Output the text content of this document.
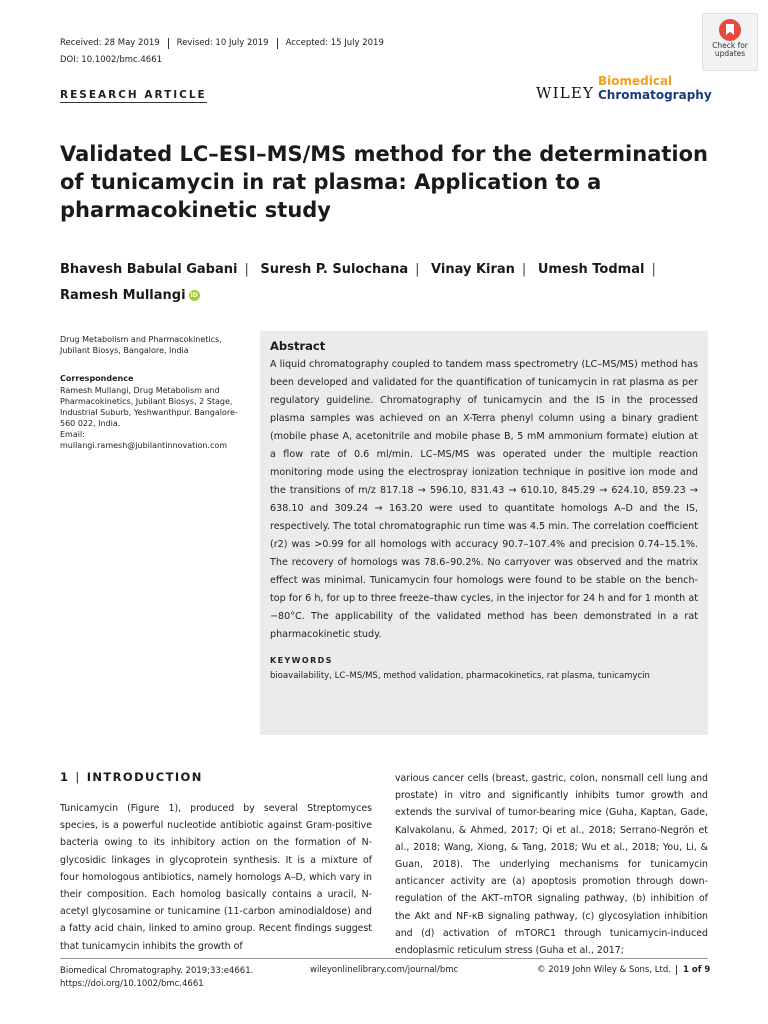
Received: 28 May 2019	Revised: 10 July 2019	Accepted: 15 July 2019
DOI: 10.1002/bmc.4661
Check for updates
RESEARCH ARTICLE	WILEY
Biomedical
Chromatography
Validated LC–ESI–MS/MS method for the determination of tunicamycin in rat plasma: Application to a pharmacokinetic study
Bhavesh Babulal Gabani | Suresh P. Sulochana | Vinay Kiran | Umesh Todmal |
Ramesh Mullangi iD
Drug Metabolism and Pharmacokinetics, Jubilant Biosys, Bangalore, India
Correspondence
Ramesh Mullangi, Drug Metabolism and Pharmacokinetics, Jubilant Biosys, 2 Stage, Industrial Suburb, Yeshwanthpur. Bangalore-560 022, India.
Email: mullangi.ramesh@jubilantinnovation.com
Abstract
A liquid chromatography coupled to tandem mass spectrometry (LC–MS/MS) method has been developed and validated for the quantification of tunicamycin in rat plasma as per regulatory guideline. Chromatography of tunicamycin and the IS in the processed plasma samples was achieved on an X-Terra phenyl column using a binary gradient (mobile phase A, acetonitrile and mobile phase B, 5 mM ammonium formate) elution at a flow rate of 0.6 ml/min. LC–MS/MS was operated under the multiple reaction monitoring mode using the electrospray ionization technique in positive ion mode and the transitions of m/z 817.18 → 596.10, 831.43 → 610.10, 845.29 → 624.10, 859.23 → 638.10 and 309.24 → 163.20 were used to quantitate homologs A–D and the IS, respectively. The total chromatographic run time was 4.5 min. The correlation coefficient (r2) was >0.99 for all homologs with accuracy 90.7–107.4% and precision 0.74–15.1%. The recovery of homologs was 78.6–90.2%. No carryover was observed and the matrix effect was minimal. Tunicamycin four homologs were found to be stable on the bench-top for 6 h, for up to three freeze–thaw cycles, in the injector for 24 h and for 1 month at −80°C. The applicability of the validated method has been demonstrated in a rat pharmacokinetic study.
KEYWORDS
bioavailability, LC–MS/MS, method validation, pharmacokinetics, rat plasma, tunicamycin
1 | INTRODUCTION
Tunicamycin (Figure 1), produced by several Streptomyces species, is a powerful nucleotide antibiotic against Gram-positive bacteria owing to its inhibitory action on the formation of N-glycosidic linkages in glycoprotein synthesis. It is a mixture of four homologous antibiotics, namely homologs A–D, which vary in their composition. Each homolog basically contains a uracil, N-acetyl glycosamine or tunicamine (11-carbon aminodialdose) and a fatty acid chain, linked to amino group. Recent findings suggest that tunicamycin inhibits the growth of
various cancer cells (breast, gastric, colon, nonsmall cell lung and prostate) in vitro and significantly inhibits tumor growth and extends the survival of tumor-bearing mice (Guha, Kaptan, Gade, Kalvakolanu, & Ahmed, 2017; Qi et al., 2018; Serrano-Negrón et al., 2018; Wang, Xiong, & Tang, 2018; Wu et al., 2018; You, Li, & Guan, 2018). The underlying mechanisms for tunicamycin anticancer activity are (a) apoptosis promotion through down-regulation of the AKT–mTOR signaling pathway, (b) inhibition of the Akt and NF-κB signaling pathway, (c) glycosylation inhibition and (d) activation of mTORC1 through tunicamycin-induced endoplasmic reticulum stress (Guha et al., 2017;
Biomedical Chromatography. 2019;33:e4661.
https://doi.org/10.1002/bmc.4661
wileyonlinelibrary.com/journal/bmc	© 2019 John Wiley & Sons, Ltd.	1 of 9
